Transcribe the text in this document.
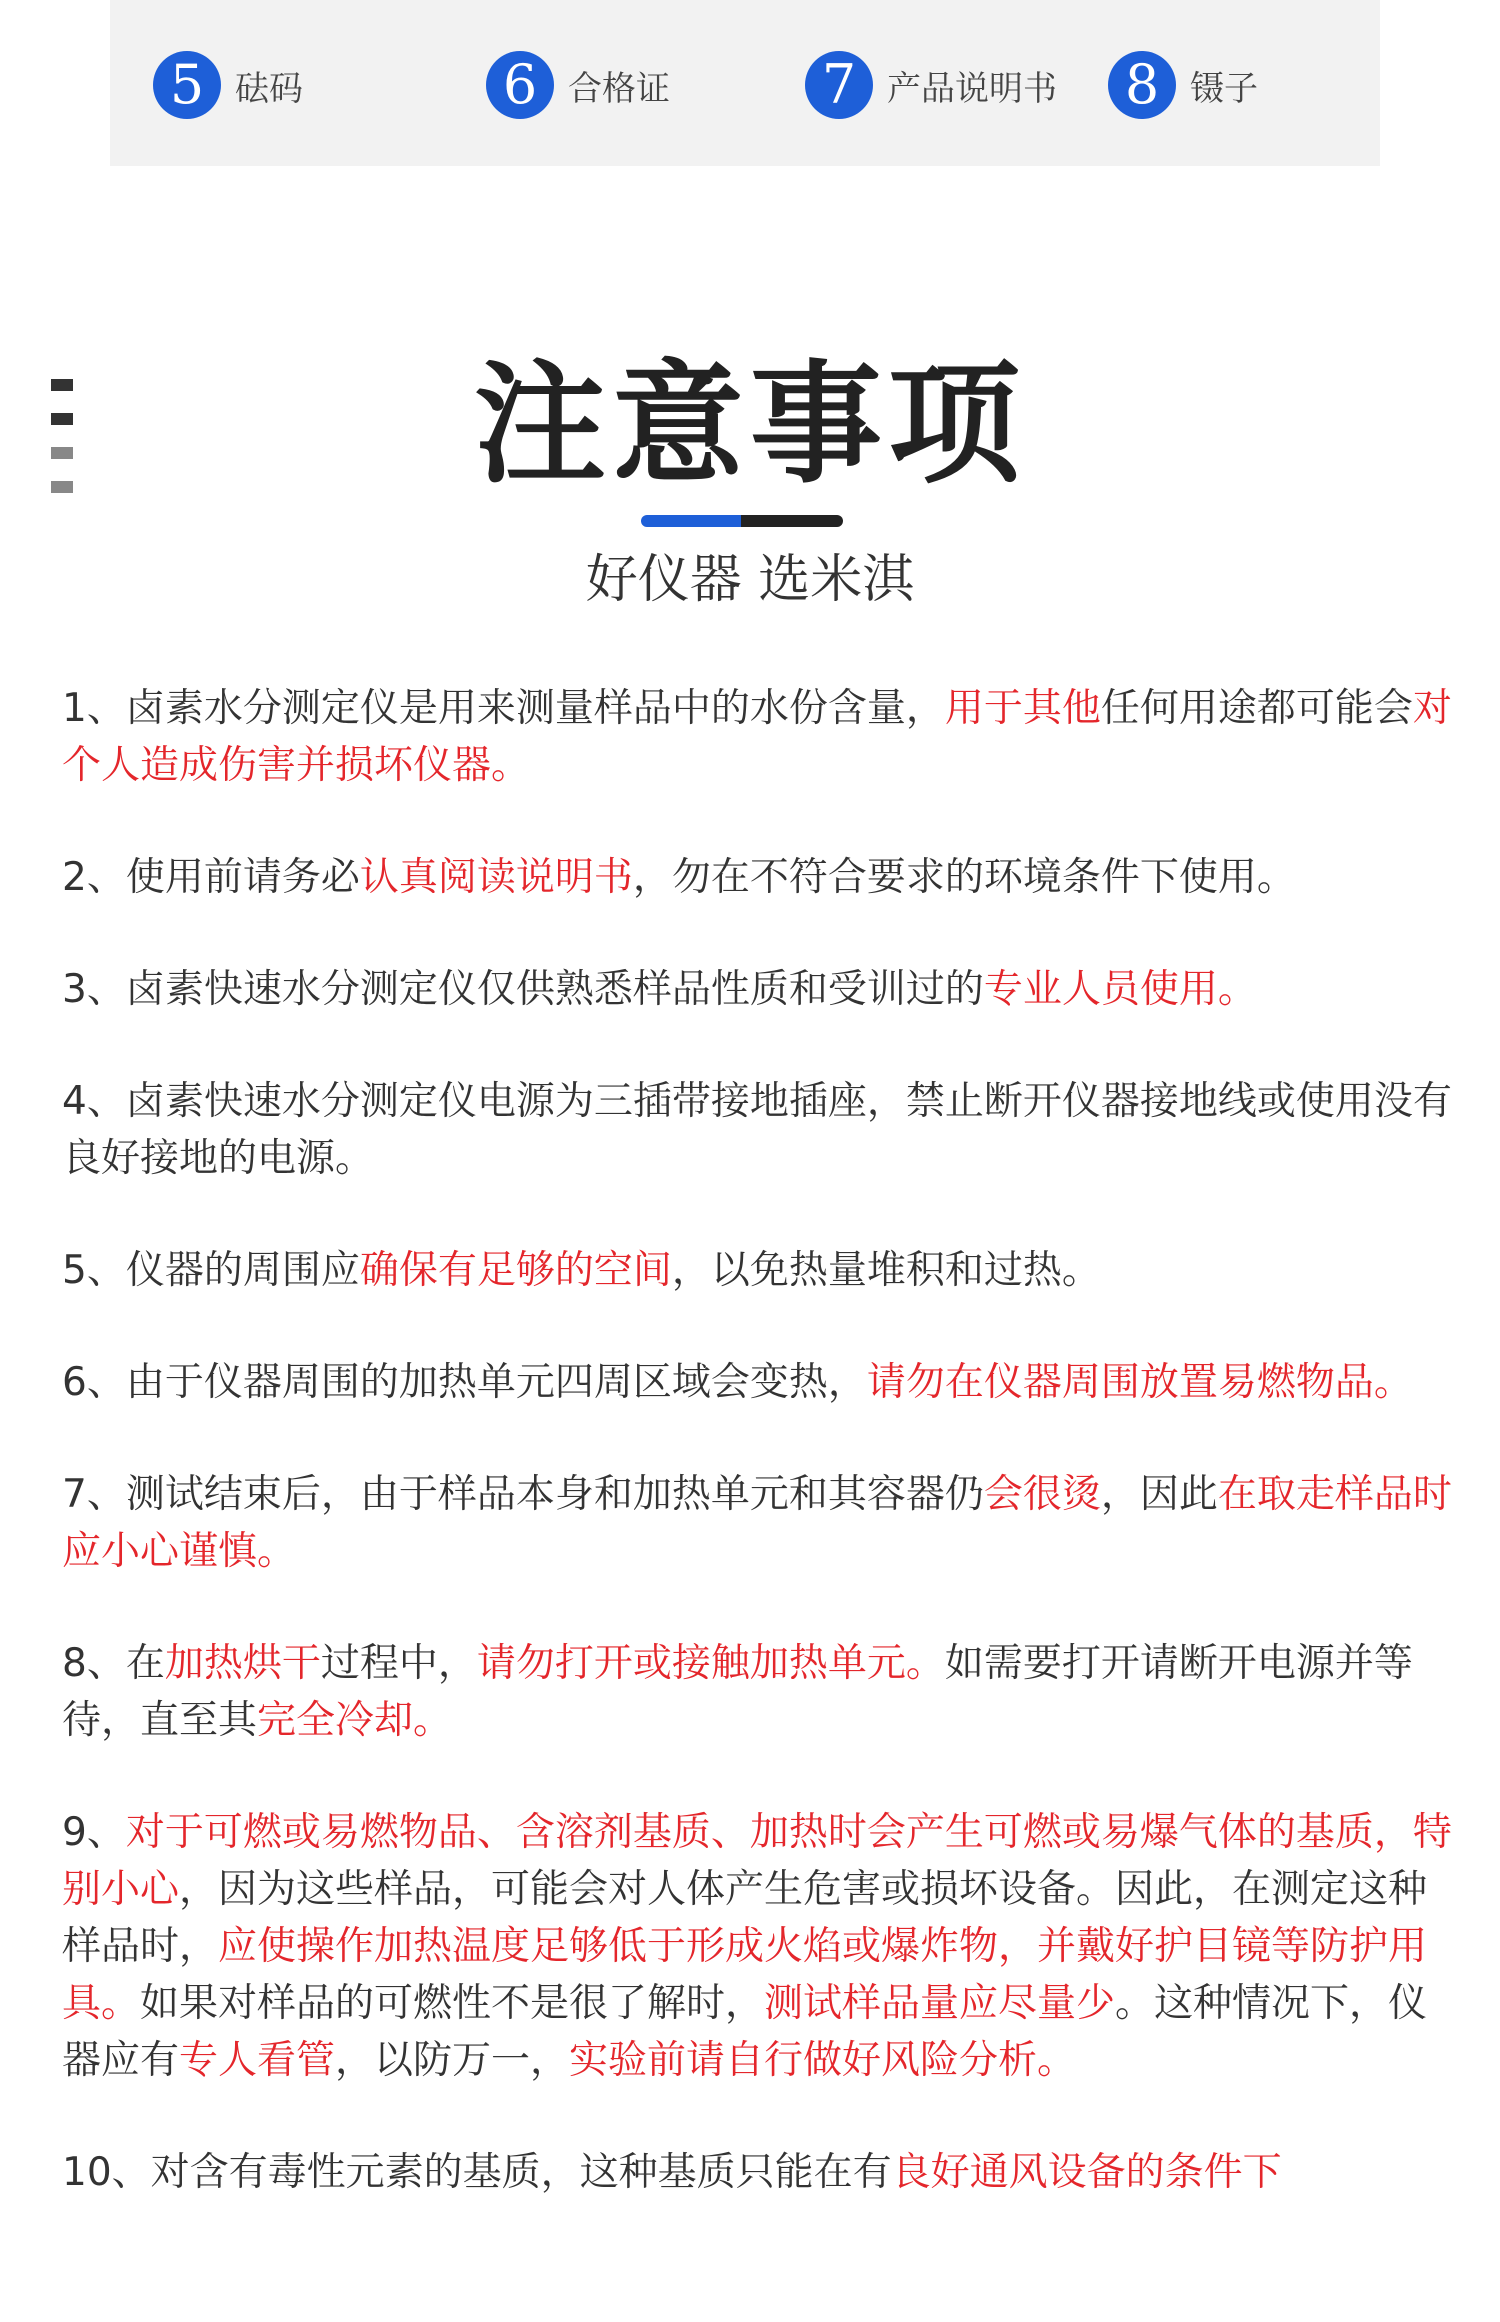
5 砝码	6 合格证	7 产品说明书	8 镊子
注意事项
好仪器 选米淇

1、卤素水分测定仪是用来测量样品中的水份含量，用于其他任何用途都可能会对个人造成伤害并损坏仪器。

2、使用前请务必认真阅读说明书，勿在不符合要求的环境条件下使用。

3、卤素快速水分测定仪仅供熟悉样品性质和受训过的专业人员使用。

4、卤素快速水分测定仪电源为三插带接地插座，禁止断开仪器接地线或使用没有良好接地的电源。

5、仪器的周围应确保有足够的空间，以免热量堆积和过热。

6、由于仪器周围的加热单元四周区域会变热，请勿在仪器周围放置易燃物品。

7、测试结束后，由于样品本身和加热单元和其容器仍会很烫，因此在取走样品时应小心谨慎。

8、在加热烘干过程中，请勿打开或接触加热单元。如需要打开请断开电源并等待，直至其完全冷却。

9、对于可燃或易燃物品、含溶剂基质、加热时会产生可燃或易爆气体的基质，特别小心，因为这些样品，可能会对人体产生危害或损坏设备。因此，在测定这种样品时，应使操作加热温度足够低于形成火焰或爆炸物，并戴好护目镜等防护用具。如果对样品的可燃性不是很了解时，测试样品量应尽量少。这种情况下，仪器应有专人看管，以防万一，实验前请自行做好风险分析。

10、对含有毒性元素的基质，这种基质只能在有良好通风设备的条件下
